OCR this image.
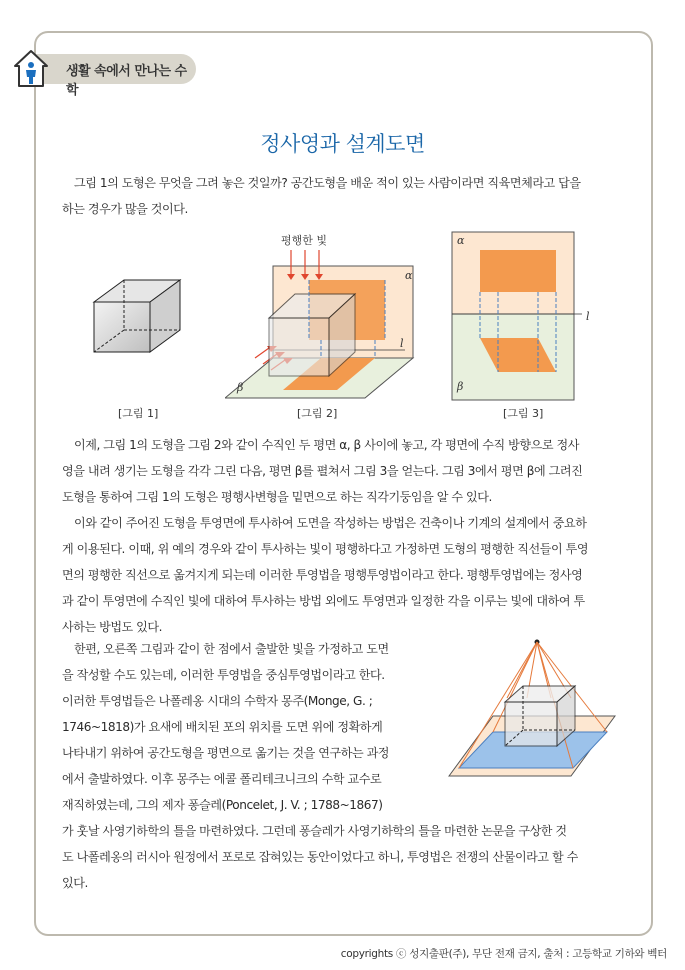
생활 속에서 만나는 수학
정사영과 설계도면

그림 1의 도형은 무엇을 그려 놓은 것일까? 공간도형을 배운 적이 있는 사람이라면 직육면체라고 답을
하는 경우가 많을 것이다.

평행한 빛
α
β
l
α
β
l
[그림 1]	[그림 2]	[그림 3]

이제, 그림 1의 도형을 그림 2와 같이 수직인 두 평면 α, β 사이에 놓고, 각 평면에 수직 방향으로 정사
영을 내려 생기는 도형을 각각 그린 다음, 평면 β를 펼쳐서 그림 3을 얻는다. 그림 3에서 평면 β에 그려진
도형을 통하여 그림 1의 도형은 평행사변형을 밑면으로 하는 직각기둥임을 알 수 있다.

이와 같이 주어진 도형을 투영면에 투사하여 도면을 작성하는 방법은 건축이나 기계의 설계에서 중요하
게 이용된다. 이때, 위 예의 경우와 같이 투사하는 빛이 평행하다고 가정하면 도형의 평행한 직선들이 투영
면의 평행한 직선으로 옮겨지게 되는데 이러한 투영법을 평행투영법이라고 한다. 평행투영법에는 정사영
과 같이 투영면에 수직인 빛에 대하여 투사하는 방법 외에도 투영면과 일정한 각을 이루는 빛에 대하여 투
사하는 방법도 있다.

한편, 오른쪽 그림과 같이 한 점에서 출발한 빛을 가정하고 도면
을 작성할 수도 있는데, 이러한 투영법을 중심투영법이라고 한다.
이러한 투영법들은 나폴레옹 시대의 수학자 몽주(Monge, G. ;
1746~1818)가 요새에 배치된 포의 위치를 도면 위에 정확하게
나타내기 위하여 공간도형을 평면으로 옮기는 것을 연구하는 과정
에서 출발하였다. 이후 몽주는 에콜 폴리테크니크의 수학 교수로
재직하였는데, 그의 제자 퐁슬레(Poncelet, J. V. ; 1788~1867)
가 훗날 사영기하학의 틀을 마련하였다. 그런데 퐁슬레가 사영기하학의 틀을 마련한 논문을 구상한 것
도 나폴레옹의 러시아 원정에서 포로로 잡혀있는 동안이었다고 하니, 투영법은 전쟁의 산물이라고 할 수
있다.

copyrights ⓒ 성지출판(주), 무단 전재 금지, 출처 : 고등학교 기하와 벡터
